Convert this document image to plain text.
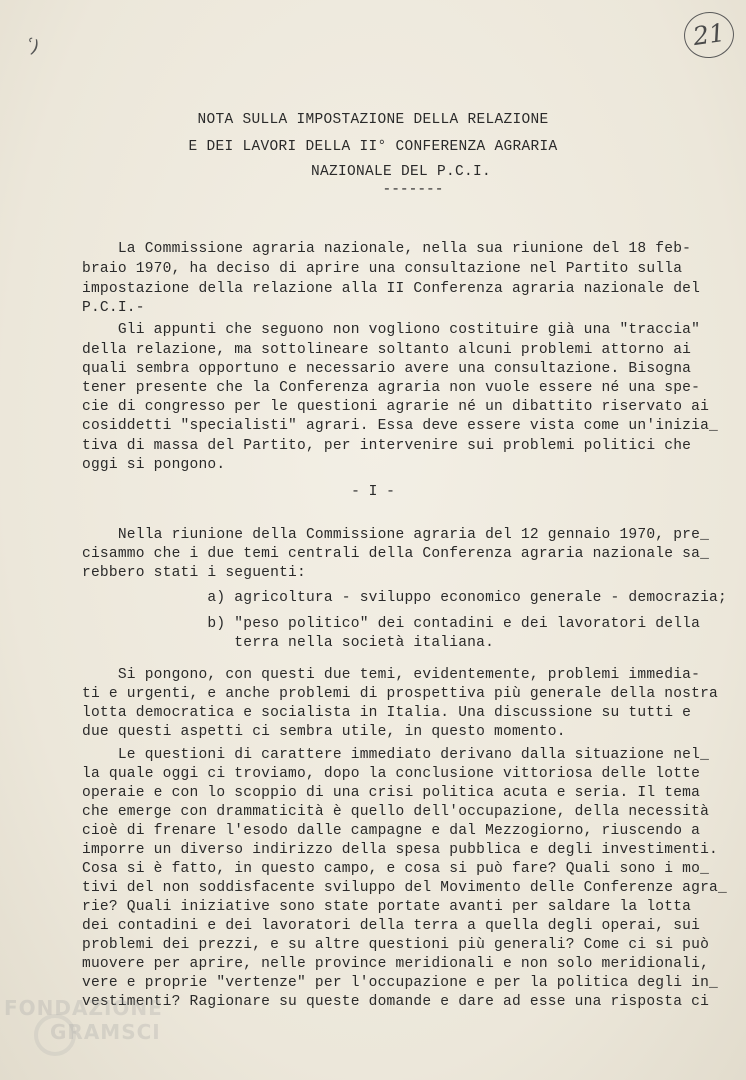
ʿ)	21
NOTA SULLA IMPOSTAZIONE DELLA RELAZIONE
E DEI LAVORI DELLA II° CONFERENZA AGRARIA
NAZIONALE DEL P.C.I.
-------
La Commissione agraria nazionale, nella sua riunione del 18 feb-
braio 1970, ha deciso di aprire una consultazione nel Partito sulla
impostazione della relazione alla II Conferenza agraria nazionale del
P.C.I.-
Gli appunti che seguono non vogliono costituire già una "traccia"
della relazione, ma sottolineare soltanto alcuni problemi attorno ai
quali sembra opportuno e necessario avere una consultazione. Bisogna
tener presente che la Conferenza agraria non vuole essere né una spe-
cie di congresso per le questioni agrarie né un dibattito riservato ai
cosiddetti "specialisti" agrari. Essa deve essere vista come un'inizia_
tiva di massa del Partito, per intervenire sui problemi politici che
oggi si pongono.
- I -
Nella riunione della Commissione agraria del 12 gennaio 1970, pre_
cisammo che i due temi centrali della Conferenza agraria nazionale sa_
rebbero stati i seguenti:
a) agricoltura - sviluppo economico generale - democrazia;
b) "peso politico" dei contadini e dei lavoratori della
terra nella società italiana.
Si pongono, con questi due temi, evidentemente, problemi immedia-
ti e urgenti, e anche problemi di prospettiva più generale della nostra
lotta democratica e socialista in Italia. Una discussione su tutti e
due questi aspetti ci sembra utile, in questo momento.
Le questioni di carattere immediato derivano dalla situazione nel_
la quale oggi ci troviamo, dopo la conclusione vittoriosa delle lotte
operaie e con lo scoppio di una crisi politica acuta e seria. Il tema
che emerge con drammaticità è quello dell'occupazione, della necessità
cioè di frenare l'esodo dalle campagne e dal Mezzogiorno, riuscendo a
imporre un diverso indirizzo della spesa pubblica e degli investimenti.
Cosa si è fatto, in questo campo, e cosa si può fare? Quali sono i mo_
tivi del non soddisfacente sviluppo del Movimento delle Conferenze agra_
rie? Quali iniziative sono state portate avanti per saldare la lotta
dei contadini e dei lavoratori della terra a quella degli operai, sui
problemi dei prezzi, e su altre questioni più generali? Come ci si può
muovere per aprire, nelle province meridionali e non solo meridionali,
vere e proprie "vertenze" per l'occupazione e per la politica degli in_
vestimenti? Ragionare su queste domande e dare ad esse una risposta ci
FONDAZIONE
GRAMSCI
